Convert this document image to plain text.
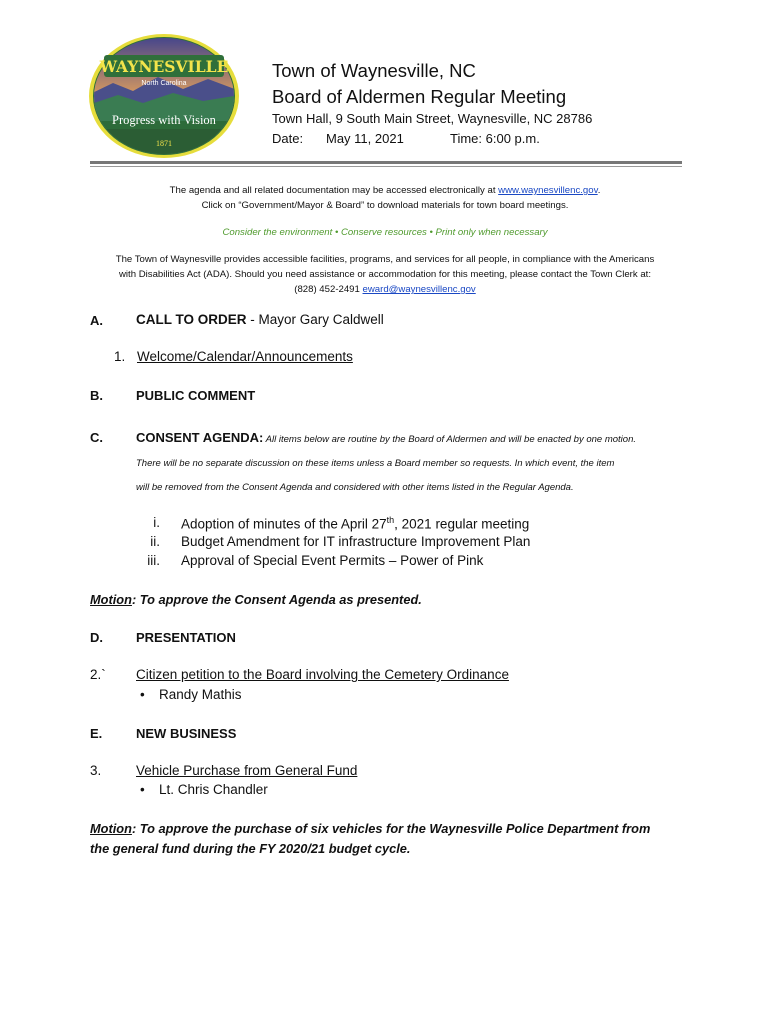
WAYNESVILLE
North Carolina
Progress with Vision
1871
Town of Waynesville, NC
Board of Aldermen Regular Meeting
Town Hall, 9 South Main Street, Waynesville, NC 28786
Date: May 11, 2021	Time: 6:00 p.m.
The agenda and all related documentation may be accessed electronically at www.waynesvillenc.gov.
Click on “Government/Mayor & Board” to download materials for town board meetings.
Consider the environment • Conserve resources • Print only when necessary
The Town of Waynesville provides accessible facilities, programs, and services for all people, in compliance with the Americans
with Disabilities Act (ADA). Should you need assistance or accommodation for this meeting, please contact the Town Clerk at:
(828) 452-2491 eward@waynesvillenc.gov
A. CALL TO ORDER - Mayor Gary Caldwell
1. Welcome/Calendar/Announcements
B.	PUBLIC COMMENT
C.	CONSENT AGENDA: All items below are routine by the Board of Aldermen and will be enacted by one motion.
There will be no separate discussion on these items unless a Board member so requests. In which event, the item
will be removed from the Consent Agenda and considered with other items listed in the Regular Agenda.
i. Adoption of minutes of the April 27th, 2021 regular meeting
ii. Budget Amendment for IT infrastructure Improvement Plan
iii. Approval of Special Event Permits – Power of Pink
Motion: To approve the Consent Agenda as presented.
D.	PRESENTATION
2.` Citizen petition to the Board involving the Cemetery Ordinance
• Randy Mathis
E.	NEW BUSINESS
3.	Vehicle Purchase from General Fund
• Lt. Chris Chandler
Motion: To approve the purchase of six vehicles for the Waynesville Police Department from
the general fund during the FY 2020/21 budget cycle.
